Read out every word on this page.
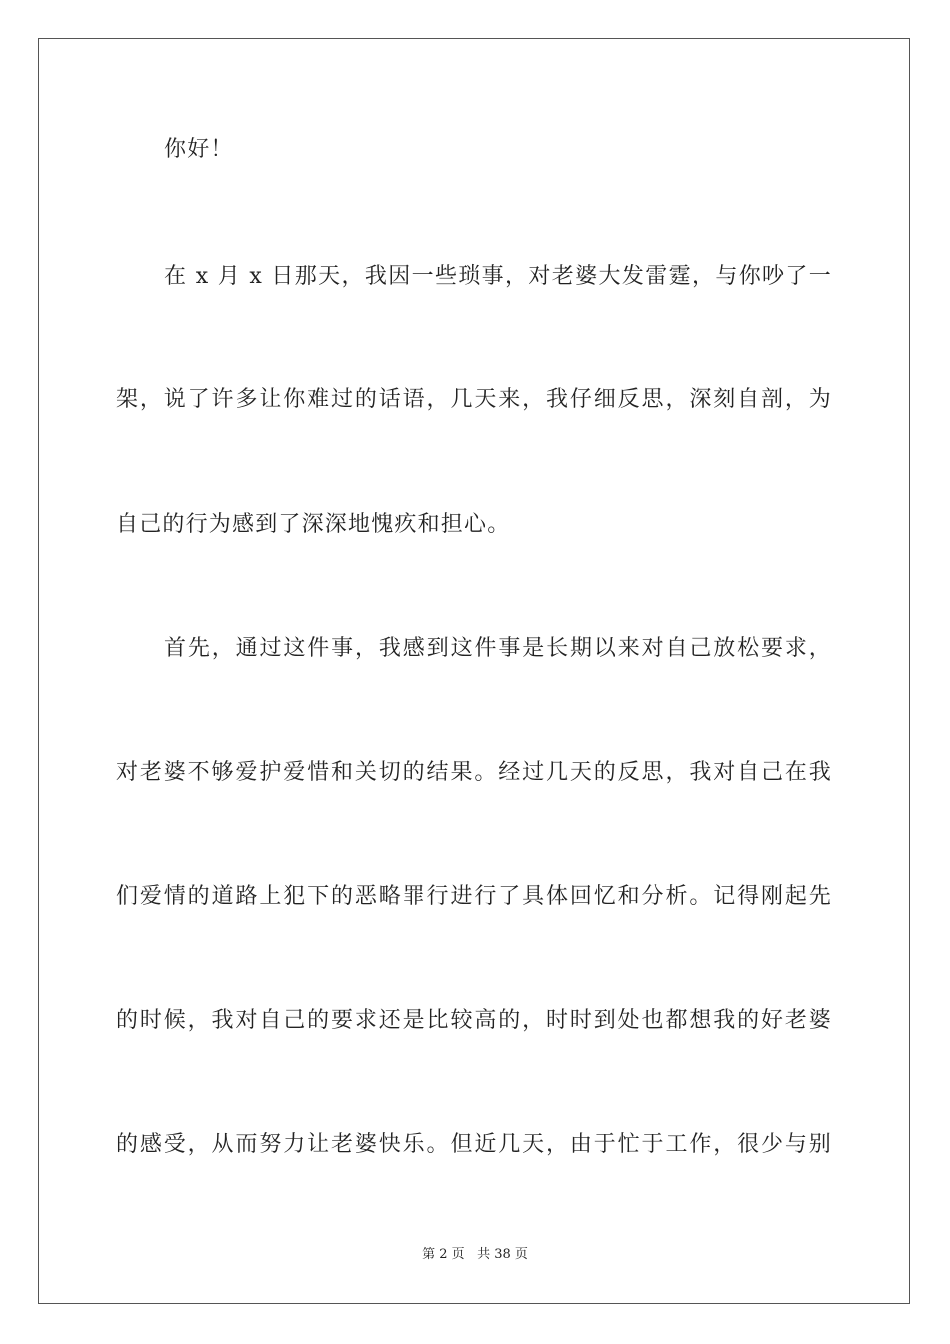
你好！
在 x 月 x 日那天，我因一些琐事，对老婆大发雷霆，与你吵了一
架，说了许多让你难过的话语，几天来，我仔细反思，深刻自剖，为
自己的行为感到了深深地愧疚和担心。
首先，通过这件事，我感到这件事是长期以来对自己放松要求，
对老婆不够爱护爱惜和关切的结果。经过几天的反思，我对自己在我
们爱情的道路上犯下的恶略罪行进行了具体回忆和分析。记得刚起先
的时候，我对自己的要求还是比较高的，时时到处也都想我的好老婆
的感受，从而努力让老婆快乐。但近几天，由于忙于工作，很少与别
第 2 页 共 38 页
